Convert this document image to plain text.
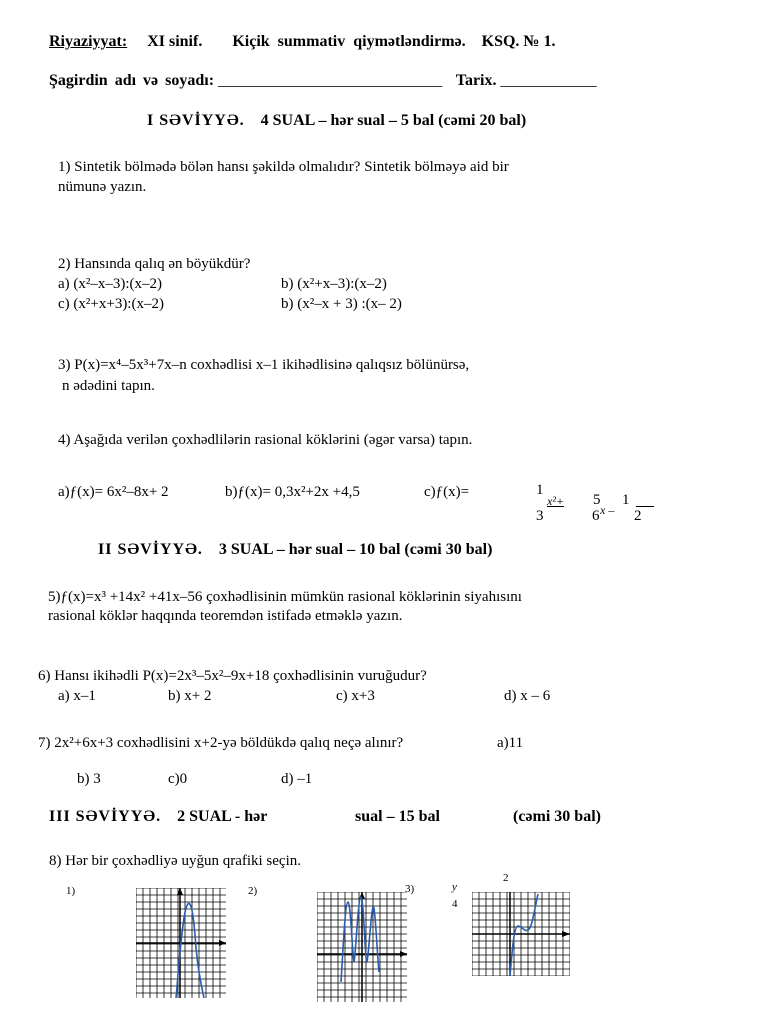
Riyaziyyat: XI sinif. Kiçik summativ qiymətləndirmə. KSQ. № 1.
Şagirdin adı və soyadı: ____________________________ Tarix. ____________
I SƏVİYYƏ. 4 SUAL – hər sual – 5 bal (cəmi 20 bal)
1) Sintetik bölmədə bölən hansı şəkildə olmalıdır? Sintetik bölməyə aid bir
nümunə yazın.
2) Hansında qalıq ən böyükdür?
a) (x²–x–3):(x–2)	b) (x²+x–3):(x–2)
c) (x²+x+3):(x–2)	b) (x²–x + 3) :(x– 2)
3) P(x)=x⁴–5x³+7x–n coxhədlisi x–1 ikihədlisinə qalıqsız bölünürsə,
n ədədini tapın.
4) Aşağıda verilən çoxhədlilərin rasional köklərini (əgər varsa) tapın.
a)ƒ(x)= 6x²–8x+ 2	b)ƒ(x)= 0,3x²+2x +4,5	c)ƒ(x)=	1
3
x²+ 5
6 x –
1
2
II SƏVİYYƏ. 3 SUAL – hər sual – 10 bal (cəmi 30 bal)
5)ƒ(x)=x³ +14x² +41x–56 çoxhədlisinin mümkün rasional köklərinin siyahısını
rasional köklər haqqında teoremdən istifadə etməklə yazın.
6) Hansı ikihədli P(x)=2x³–5x²–9x+18 çoxhədlisinin vuruğudur?
a) x–1	b) x+ 2	c) x+3	d) x – 6
7) 2x²+6x+3 coxhədlisini x+2-yə böldükdə qalıq neçə alınır?	a)11
b) 3	c)0	d) –1
III SƏVİYYƏ. 2 SUAL - hər	sual – 15 bal	(cəmi 30 bal)
8) Hər bir çoxhədliyə uyğun qrafiki seçin.
1)	2)	3)	y
4
2
